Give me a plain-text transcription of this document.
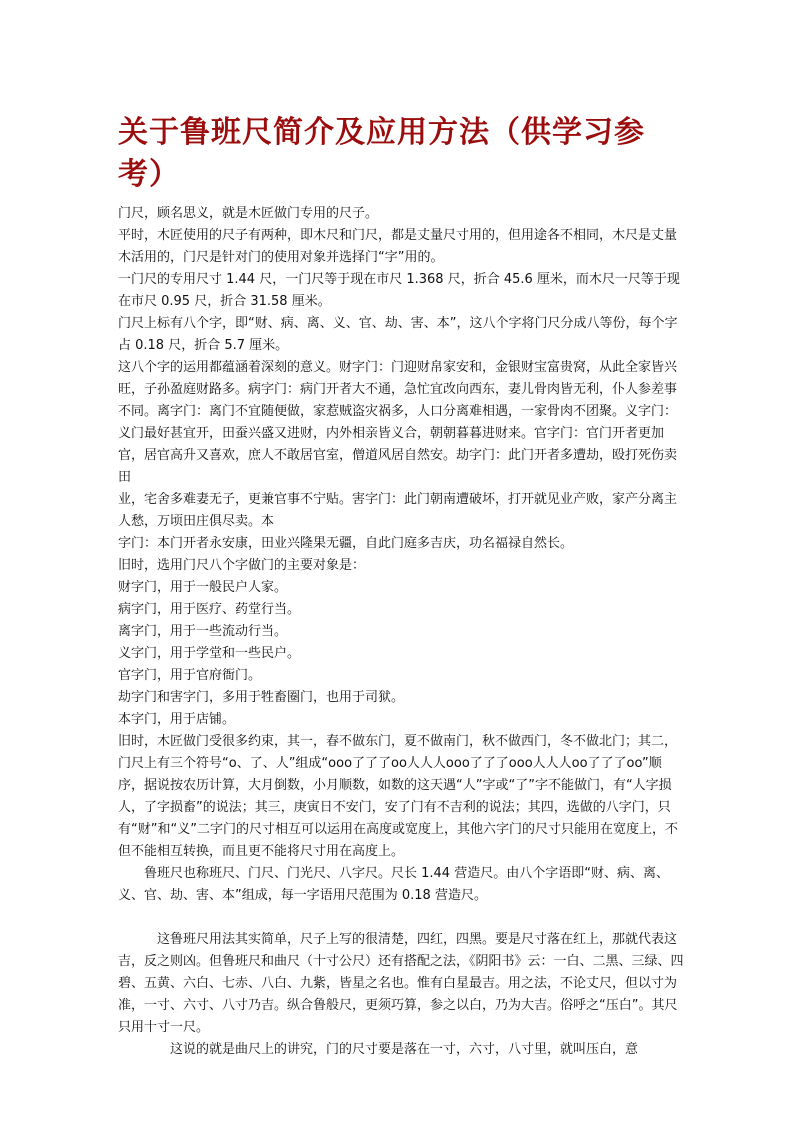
关于鲁班尺简介及应用方法（供学习参考）

门尺，顾名思义，就是木匠做门专用的尺子。

平时，木匠使用的尺子有两种，即木尺和门尺，都是丈量尺寸用的，但用途各不相同，木尺是丈量木活用的，门尺是针对门的使用对象并选择门“字”用的。

一门尺的专用尺寸 1.44 尺，一门尺等于现在市尺 1.368 尺，折合 45.6 厘米，而木尺一尺等于现在市尺 0.95 尺，折合 31.58 厘米。

门尺上标有八个字，即“财、病、离、义、官、劫、害、本”，这八个字将门尺分成八等份，每个字占 0.18 尺，折合 5.7 厘米。

这八个字的运用都蕴涵着深刻的意义。财字门：门迎财帛家安和，金银财宝富贵窝，从此全家皆兴旺，子孙盈庭财路多。病字门：病门开者大不通，急忙宜改向西东，妻儿骨肉皆无利，仆人参差事不同。离字门：离门不宜随便做，家惹贼盗灾祸多，人口分离难相遇，一家骨肉不团聚。义字门：义门最好甚宜开，田蚕兴盛又进财，内外相亲皆义合，朝朝暮暮进财来。官字门：官门开者更加官，居官高升又喜欢，庶人不敢居官室，僧道风居自然安。劫字门：此门开者多遭劫，殴打死伤卖田

业，宅舍多难妻无子，更兼官事不宁贴。害字门：此门朝南遭破坏，打开就见业产败，家产分离主人愁，万顷田庄俱尽卖。本

字门：本门开者永安康，田业兴隆果无疆，自此门庭多吉庆，功名福禄自然长。

旧时，选用门尺八个字做门的主要对象是：

财字门，用于一般民户人家。

病字门，用于医疗、药堂行当。

离字门，用于一些流动行当。

义字门，用于学堂和一些民户。

官字门，用于官府衙门。

劫字门和害字门，多用于牲畜圈门，也用于司狱。

本字门，用于店铺。

旧时，木匠做门受很多约束，其一，春不做东门，夏不做南门，秋不做西门，冬不做北门；其二，门尺上有三个符号“o、了、人”组成“ooo了了了oo人人人ooo了了了ooo人人人oo了了了oo”顺序，据说按农历计算，大月倒数，小月顺数，如数的这天遇“人”字或“了”字不能做门，有“人字损人，了字损畜”的说法；其三，庚寅日不安门，安了门有不吉利的说法；其四，选做的八字门，只有“财”和“义”二字门的尺寸相互可以运用在高度或宽度上，其他六字门的尺寸只能用在宽度上，不但不能相互转换，而且更不能将尺寸用在高度上。

鲁班尺也称班尺、门尺、门光尺、八字尺。尺长 1.44 营造尺。由八个字语即“财、病、离、义、官、劫、害、本”组成，每一字语用尺范围为 0.18 营造尺。

这鲁班尺用法其实简单，尺子上写的很清楚，四红，四黑。要是尺寸落在红上，那就代表这吉，反之则凶。但鲁班尺和曲尺（十寸公尺）还有搭配之法，《阴阳书》云：一白、二黑、三绿、四碧、五黄、六白、七赤、八白、九紫，皆星之名也。惟有白星最吉。用之法，不论丈尺，但以寸为准，一寸、六寸、八寸乃吉。纵合鲁般尺，更须巧算，参之以白，乃为大吉。俗呼之“压白”。其尺只用十寸一尺。

这说的就是曲尺上的讲究，门的尺寸要是落在一寸，六寸，八寸里，就叫压白，意
